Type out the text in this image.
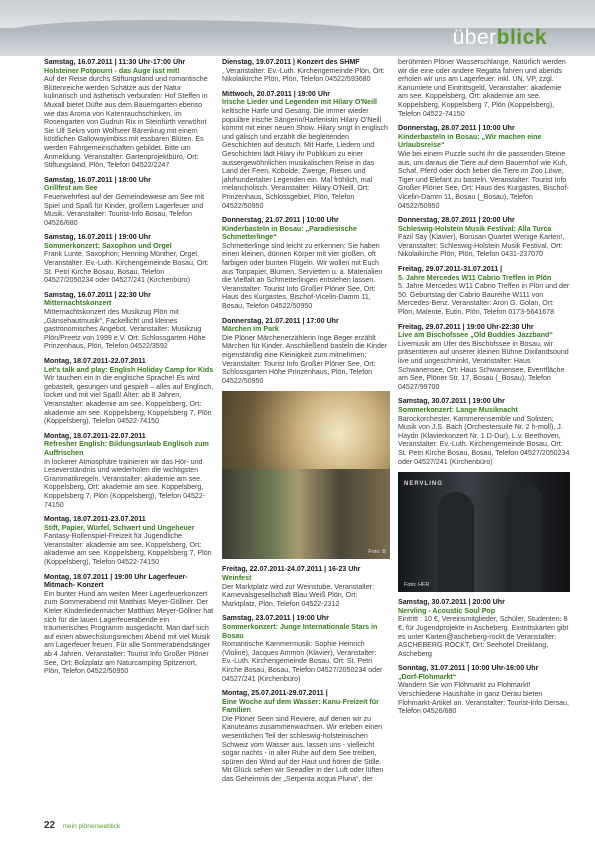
überblick
Samstag, 16.07.2011 | 11:30 Uhr-17:00 Uhr
Holsteiner Potpourri - das Auge isst mit!
Auf der Reise durchs Stiftungsland und romantische Blütenreiche werden Schätze aus der Natur kulinarisch und ästhetisch verbunden: Hof Steffen in Muxall bietet Düfte aus dem Bauerngarten ebenso wie das Aroma von Katenrauchschinken, im Rosengarten von Gudrun Rix in Steinfurth verwöhnt Sie Ulf Sekrs vom Wolfseer Bärenkrug mit einem köstlichen Gallowayimbiss mit essbaren Blüten. Es werden Fahrgemeinschaften gebildet. Bitte um Anmeldung. Veranstalter: Gartenprojektbüro, Ort: Stiftungsland, Plön, Telefon 04522/2247
Samstag, 16.07.2011 | 18:00 Uhr
Grillfest am See
Feuerwehrfest auf der Gemeindewiese am See mit Spiel und Spaß für Kinder, großem Lagerfeuer und Musik. Veranstalter: Tourist-Info Bosau, Telefon 04526/680
Samstag, 16.07.2011 | 19:00 Uhr
Sommerkonzert: Saxophon und Orgel
Frank Lunte, Saxophon; Henning Münther, Orgel, Veranstalter: Ev.-Luth. Kirchengemeinde Bosau, Ort: St. Petri Kirche Bosau, Bosau, Telefon 04527/2050234 oder 04527/241 (Kirchenbüro)
Samstag, 16.07.2011 | 22:30 Uhr
Mitternachtskonzert
Mitternachtskonzert des Musikzug Plön mit „Gänsehautmusik“, Fackellicht und kleines gastronomisches Angebot. Veranstalter: Musikzug Plön/Preetz von 1999 e.V. Ort: Schlossgarten Höhe Prinzenhaus, Plön, Telefon 04522/3592
Montag, 18.07.2011-22.07.2011
Let's talk and play: English Holiday Camp for Kids
Wir tauchen ein in die englische Sprache! Es wird gebastelt, gesungen und gespielt – alles auf Englisch, locker und mit viel Spaß! Alter: ab 8 Jahren, Veranstalter: akademie am see. Koppelsberg, Ort: akademie am see. Koppelsberg, Koppelsberg 7, Plön (Koppelsberg), Telefon 04522-74150
Montag, 18.07.2011-22.07.2011
Refresher English: Bildungsurlaub Englisch zum Auffrischen
In lockerer Atmosphäre trainieren wir das Hör- und Leseverständnis und wiederholen die wichtigsten Grammatikregeln. Veranstalter: akademie am see. Koppelsberg, Ort: akademie am see. Koppelsberg, Koppelsberg 7, Plön (Koppelsberg), Telefon 04522-74150
Montag, 18.07.2011-23.07.2011
Stift, Papier, Würfel, Schwert und Ungeheuer
Fantasy-Rollenspiel-Freizeit für Jugendliche. Veranstalter: akademie am see. Koppelsberg, Ort: akademie am see. Koppelsberg, Koppelsberg 7, Plön (Koppelsberg), Telefon 04522-74150
Montag, 18.07.2011 | 19:00 Uhr Lagerfeuer-Mitmach- Konzert
Ein bunter Hund am weiten Meer Lagerfeuerkonzert zum Sommerabend mit Matthias Meyer-Göllner. Der Kieler Kinderliedermacher Matthias Meyer-Göllner hat sich für die lauen Lagerfeuerabende ein träumerisches Programm ausgedacht. Man darf sich auf einen abwechslungsreichen Abend mit viel Musik am Lagerfeuer freuen. Für alle Sommerabendsänger ab 4 Jahren. Veranstalter: Tourist Info Großer Plöner See, Ort: Bolzplatz am Naturcamping Spitzenort, Plön, Telefon 04522/50950
Dienstag, 19.07.2011 | Konzert des SHMF
, Veranstalter: Ev.-Luth. Kirchengemeinde Plön, Ort: Nikolaikirche Plön, Plön, Telefon 04522/593680
Mittwoch, 20.07.2011 | 19:00 Uhr
Irische Lieder und Legenden mit Hilary O'Neill
keltische Harfe und Gesang. Die immer wieder populäre irische Sängerin/Harfenistin Hilary O'Neill kommt mit einer neuen Show. Hilary singt in englisch und gälisch und erzählt die begleitenden Geschichten auf deutsch. Mit Harfe, Liedern und Geschichten lädt Hilary ihr Publikum zu einer aussergewöhnlichen musikalischen Reise in das Land der Feen, Kobolde, Zwerge, Riesen und jahrhundertalter Legenden ein. Mal fröhlich, mal melancholisch. Veranstalter: Hilary O'Neill, Ort: Prinzenhaus, Schlossgebiet, Plön, Telefon 04522/50950
Donnerstag, 21.07.2011 | 10:00 Uhr
Kinderbasteln in Bosau: „Paradiesische Schmetterlinge“
Schmetterlinge sind leicht zu erkennen: Sie haben einen kleinen, dünnen Körper mit vier großen, oft farbigen oder bunten Flügeln. Wir wollen mit Euch aus Tonpapier, Blumen, Servietten u. a. Materialien die Vielfalt an Schmetterlingen entstehen lassen. Veranstalter: Tourist Info Großer Plöner See, Ort: Haus des Kurgastes, Bischof-Vicelin-Damm 11, Bosau, Telefon 04522/50950
Donnerstag, 21.07.2011 | 17:00 Uhr
Märchen im Park
Die Plöner Märchenerzählerin Inge Beger erzählt Märchen für Kinder. Anschließend basteln die Kinder eigenständig eine Kleinigkeit zum mitnehmen; Veranstalter: Tourist Info Großer Plöner See, Ort: Schlossgarten Höhe Prinzenhaus, Plön, Telefon 04522/50950
Foto: B
Freitag, 22.07.2011-24.07.2011 | 16-23 Uhr
Weinfest
Der Marktplatz wird zur Weinstube. Veranstalter: Karnevalsgesellschaft Blau Weiß Plön, Ort: Marktplatz, Plön, Telefon 04522-2312
Samstag, 23.07.2011 | 19:00 Uhr
Sommerkonzert: Junge Internationale Stars in Bosau
Romantische Kammermusik: Sophie Heinrich (Violine), Jacques Ammon (Klavier), Veranstalter: Ev.-Luth. Kirchengemeinde Bosau, Ort: St. Petri Kirche Bosau, Bosau, Telefon 04527/2050234 oder 04527/241 (Kirchenbüro)
Montag, 25.07.2011-29.07.2011 |
Eine Woche auf dem Wasser: Kanu-Freizeit für Familien
Die Plöner Seen sind Reviere, auf denen wir zu Kanuteams zusammenwachsen. Wir erleben einen wesentlichen Teil der schleswig-holsteinischen Schweiz vom Wasser aus, lassen uns - vielleicht sogar nachts - in aller Ruhe auf dem See treiben, spüren den Wind auf der Haut und hören die Stille. Mit Glück sehen wir Seeadler in der Luft oder lüften das Geheimnis der „Serpenta acqua Pluna“, der
berühmten Plöner Wasserschlange. Natürlich werden wir die eine oder andere Regatta fahren und abends erholen wir uns am Lagerfeuer. inkl. ÜN, VP, zzgl. Kanumiete und Eintrittsgeld, Veranstalter: akademie am see. Koppelsberg, Ort: akademie am see. Koppelsberg, Koppelsberg 7, Plön (Koppelsberg), Telefon 04522-74150
Donnerstag, 28.07.2011 | 10:00 Uhr
Kinderbasteln in Bosau: „Wir machen eine Urlaubsreise“
Wie bei einem Puzzle sucht ihr die passenden Steine aus, um daraus die Tiere auf dem Bauernhof wie Kuh, Schaf, Pferd oder doch lieber die Tiere im Zoo Löwe, Tiger und Elefant zu basteln. Veranstalter: Tourist Info Großer Plöner See, Ort: Haus des Kurgastes, Bischof-Vicelin-Damm 11, Bosau (_Bosau), Telefon 04522/50950
Donnerstag, 28.07.2011 | 20:00 Uhr
Schleswig-Holstein Musik Festival: Alla Turca
Fazil Say (Klavier), Borusan Quartet Wenige Karten!, Veranstalter: Schleswig-Holstein Musik Festival, Ort: Nikolaikirche Plön, Plön, Telefon 0431-237070
Freitag, 29.07.2011-31.07.2011 |
5. Jahre Mercedes W11 Cabrio Treffen in Plön
5. Jahre Mercedes W11 Cabrio Treffen in Plön und der 50. Geburtstag der Cabrio Baureihe W111 von Mercedes-Benz. Veranstalter: Aron G. Golan, Ort: Plön, Malente, Eutin, Plön, Telefon 0173-5641678
Freitag, 29.07.2011 | 19:00 Uhr-22:30 Uhr
Live am Bischofssee „Old Buddies Jazzband“
Livemusik am Ufer des Bischofssee in Bosau, wir präsentieren auf unserer kleinen Bühne Dixilandsound live und ungeschminkt, Veranstalter: Haus Schwanensee, Ort: Haus Schwanensee, Eventfläche am See, Plöner Str. 17, Bosau (_Bosau), Telefon 04527/99700
Samstag, 30.07.2011 | 19:00 Uhr
Sommerkonzert: Lange Musiknacht
Barockorchester, Kammerensemble und Solisten; Musik von J.S. Bach (Orchestersuite Nr. 2 h-moll), J. Haydn (Klavierkonzert Nr. 1 D-Dur), L.v. Beethoven, Veranstalter: Ev.-Luth. Kirchengemeinde Bosau, Ort: St. Petri Kirche Bosau, Bosau, Telefon 04527/2050234 oder 04527/241 (Kirchenbüro)
NERVLING
Foto: HFR
Samstag, 30.07.2011 | 20:00 Uhr
Nervling - Acoustic Soul Pop
Eintritt : 10 €, Vereinsmitglieder, Schüler, Studenten: 8 €, für Jugendprojekte in Ascheberg. Eintrittskarten gibt es unter Karten@ascheberg-rockt.de Veranstalter: ASCHEBERG ROCKT, Ort: Seehotel Dreiklang, Ascheberg
Sonntag, 31.07.2011 | 10:00 Uhr-16:00 Uhr
„Dorf-Flohmarkt“
Wandern Sie von Flohmarkt zu Flohmarkt! Verschiedene Haushalte in ganz Derau bieten Flohmarkt-Artikel an. Veranstalter: Tourist-Info Dersau, Telefon 04526/680
22 mein plönerseeblick
